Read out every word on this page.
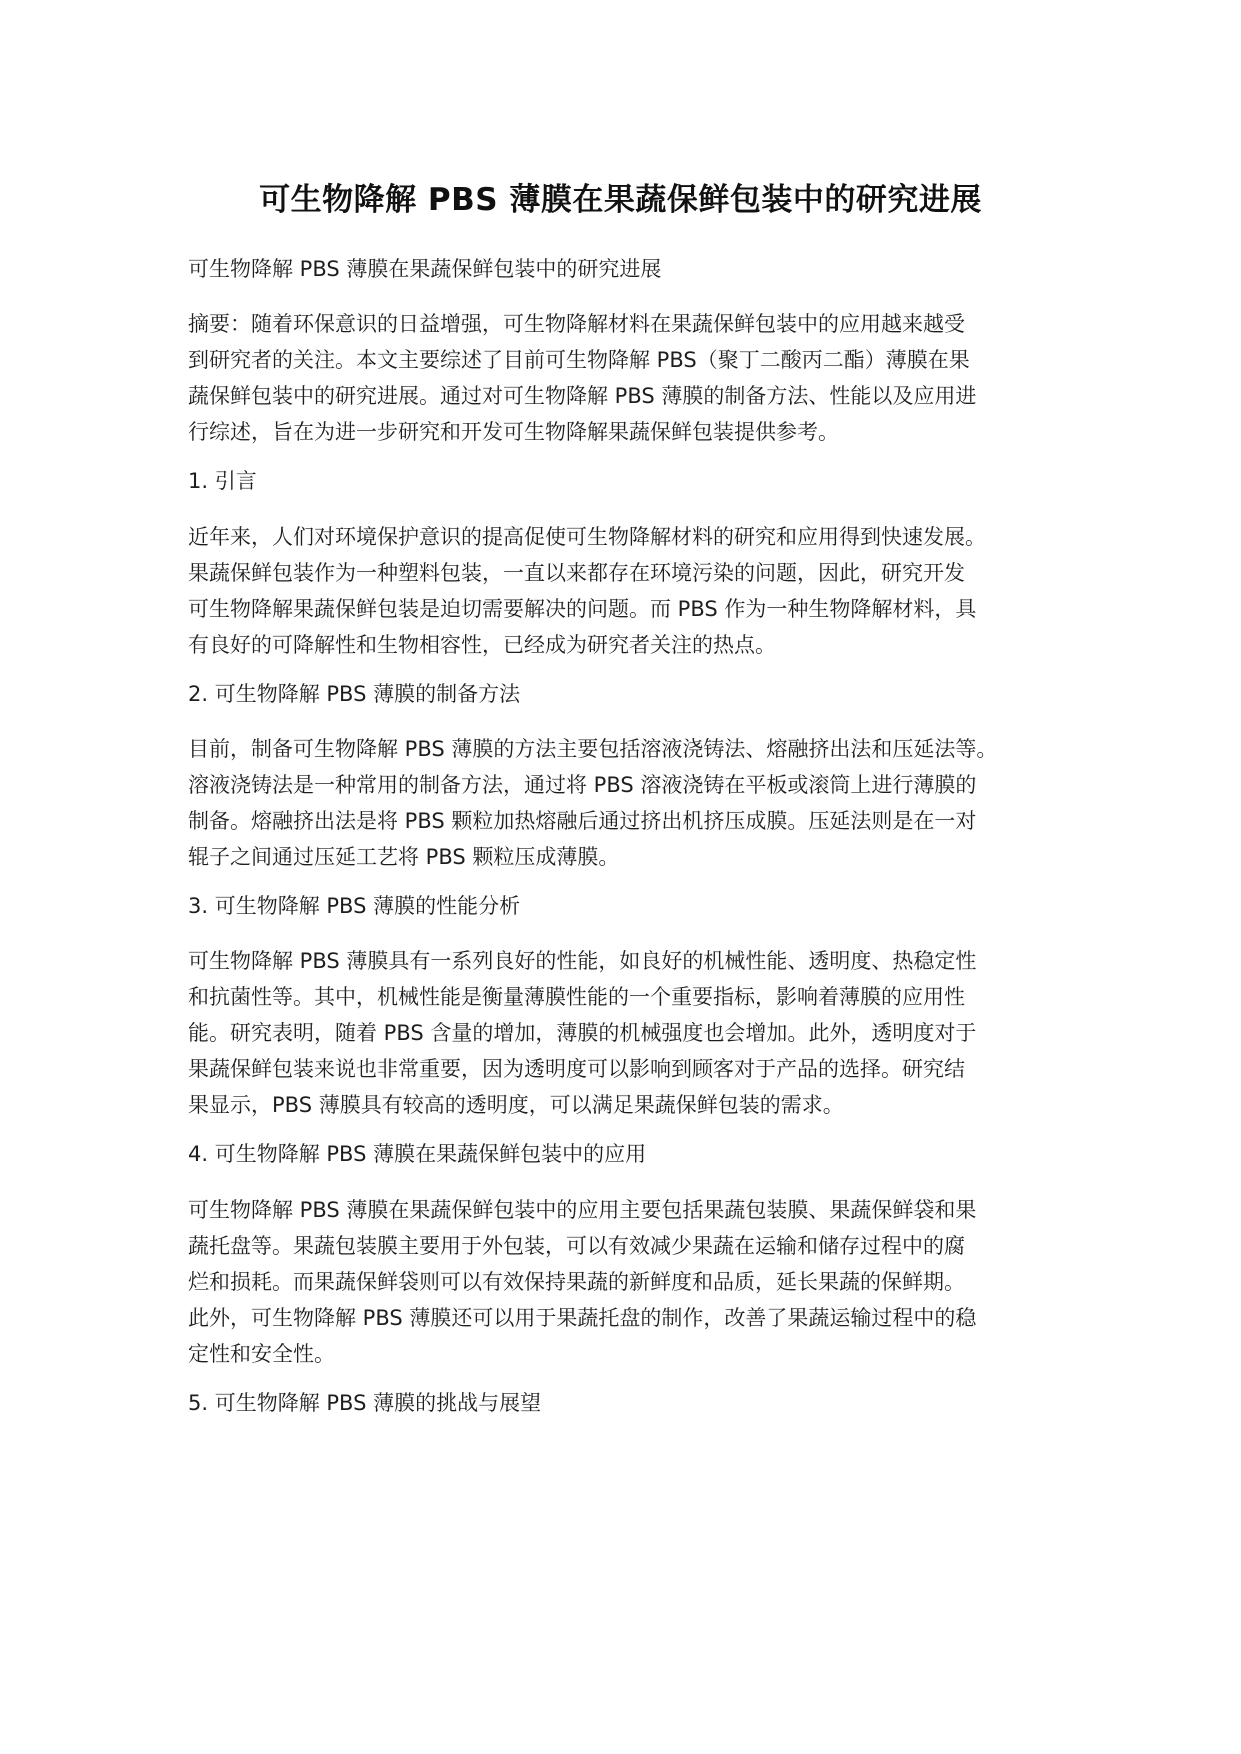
可生物降解 PBS 薄膜在果蔬保鲜包装中的研究进展
可生物降解 PBS 薄膜在果蔬保鲜包装中的研究进展
摘要：随着环保意识的日益增强，可生物降解材料在果蔬保鲜包装中的应用越来越受
到研究者的关注。本文主要综述了目前可生物降解 PBS（聚丁二酸丙二酯）薄膜在果
蔬保鲜包装中的研究进展。通过对可生物降解 PBS 薄膜的制备方法、性能以及应用进
行综述，旨在为进一步研究和开发可生物降解果蔬保鲜包装提供参考。
1. 引言
近年来，人们对环境保护意识的提高促使可生物降解材料的研究和应用得到快速发展。
果蔬保鲜包装作为一种塑料包装，一直以来都存在环境污染的问题，因此，研究开发
可生物降解果蔬保鲜包装是迫切需要解决的问题。而 PBS 作为一种生物降解材料，具
有良好的可降解性和生物相容性，已经成为研究者关注的热点。
2. 可生物降解 PBS 薄膜的制备方法
目前，制备可生物降解 PBS 薄膜的方法主要包括溶液浇铸法、熔融挤出法和压延法等。
溶液浇铸法是一种常用的制备方法，通过将 PBS 溶液浇铸在平板或滚筒上进行薄膜的
制备。熔融挤出法是将 PBS 颗粒加热熔融后通过挤出机挤压成膜。压延法则是在一对
辊子之间通过压延工艺将 PBS 颗粒压成薄膜。
3. 可生物降解 PBS 薄膜的性能分析
可生物降解 PBS 薄膜具有一系列良好的性能，如良好的机械性能、透明度、热稳定性
和抗菌性等。其中，机械性能是衡量薄膜性能的一个重要指标，影响着薄膜的应用性
能。研究表明，随着 PBS 含量的增加，薄膜的机械强度也会增加。此外，透明度对于
果蔬保鲜包装来说也非常重要，因为透明度可以影响到顾客对于产品的选择。研究结
果显示，PBS 薄膜具有较高的透明度，可以满足果蔬保鲜包装的需求。
4. 可生物降解 PBS 薄膜在果蔬保鲜包装中的应用
可生物降解 PBS 薄膜在果蔬保鲜包装中的应用主要包括果蔬包装膜、果蔬保鲜袋和果
蔬托盘等。果蔬包装膜主要用于外包装，可以有效减少果蔬在运输和储存过程中的腐
烂和损耗。而果蔬保鲜袋则可以有效保持果蔬的新鲜度和品质，延长果蔬的保鲜期。
此外，可生物降解 PBS 薄膜还可以用于果蔬托盘的制作，改善了果蔬运输过程中的稳
定性和安全性。
5. 可生物降解 PBS 薄膜的挑战与展望
